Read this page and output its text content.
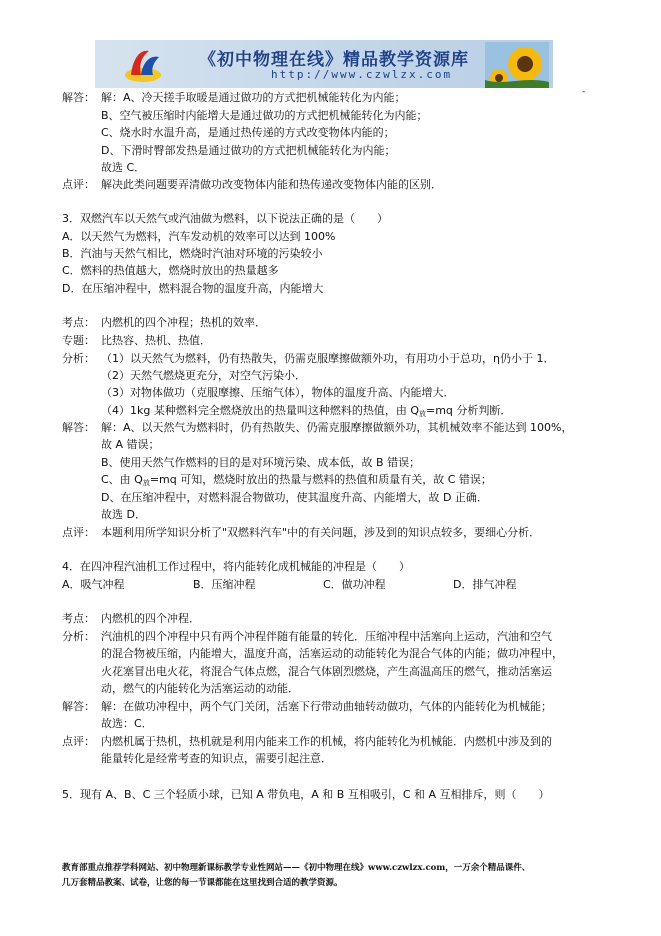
《初中物理在线》精品教学资源库
http://www.czwlzx.com
-
解答： 解：A、冷天搓手取暖是通过做功的方式把机械能转化为内能；
B、空气被压缩时内能增大是通过做功的方式把机械能转化为内能；
C、烧水时水温升高，是通过热传递的方式改变物体内能的；
D、下滑时臀部发热是通过做功的方式把机械能转化为内能；
故选 C．
点评： 解决此类问题要弄清做功改变物体内能和热传递改变物体内能的区别．
3．双燃汽车以天然气或汽油做为燃料，以下说法正确的是（　　）
A．以天然气为燃料，汽车发动机的效率可以达到 100%
B．汽油与天然气相比，燃烧时汽油对环境的污染较小
C．燃料的热值越大，燃烧时放出的热量越多
D．在压缩冲程中，燃料混合物的温度升高，内能增大
考点： 内燃机的四个冲程；热机的效率．
专题： 比热容、热机、热值．
分析： （1）以天然气为燃料，仍有热散失，仍需克服摩擦做额外功，有用功小于总功，η仍小于 1．
（2）天然气燃烧更充分，对空气污染小．
（3）对物体做功（克服摩擦、压缩气体），物体的温度升高、内能增大．
（4）1kg 某种燃料完全燃烧放出的热量叫这种燃料的热值，由 $Q_放=mq$ 分析判断．
解答： 解：A、以天然气为燃料时，仍有热散失、仍需克服摩擦做额外功，其机械效率不能达到 100%，
故 A 错误；
B、使用天然气作燃料的目的是对环境污染、成本低，故 B 错误；
C、由 $Q_放=mq$ 可知，燃烧时放出的热量与燃料的热值和质量有关，故 C 错误；
D、在压缩冲程中，对燃料混合物做功，使其温度升高、内能增大，故 D 正确．
故选 D．
点评： 本题利用所学知识分析了"双燃料汽车"中的有关问题，涉及到的知识点较多，要细心分析．
4．在四冲程汽油机工作过程中，将内能转化成机械能的冲程是（　　）
A．吸气冲程	B．压缩冲程	C．做功冲程	D．排气冲程
考点： 内燃机的四个冲程．
分析： 汽油机的四个冲程中只有两个冲程伴随有能量的转化．压缩冲程中活塞向上运动，汽油和空气
的混合物被压缩，内能增大，温度升高，活塞运动的动能转化为混合气体的内能；做功冲程中，
火花塞冒出电火花，将混合气体点燃，混合气体剧烈燃烧，产生高温高压的燃气，推动活塞运
动，燃气的内能转化为活塞运动的动能．
解答： 解：在做功冲程中，两个气门关闭，活塞下行带动曲轴转动做功，气体的内能转化为机械能；
故选：C．
点评： 内燃机属于热机，热机就是利用内能来工作的机械，将内能转化为机械能．内燃机中涉及到的
能量转化是经常考查的知识点，需要引起注意．
5．现有 A、B、C 三个轻质小球，已知 A 带负电，A 和 B 互相吸引，C 和 A 互相排斥，则（　　）
教育部重点推荐学科网站、初中物理新课标教学专业性网站——《初中物理在线》www.czwlzx.com，一万余个精品课件、
几万套精品教案、试卷，让您的每一节课都能在这里找到合适的教学资源。
